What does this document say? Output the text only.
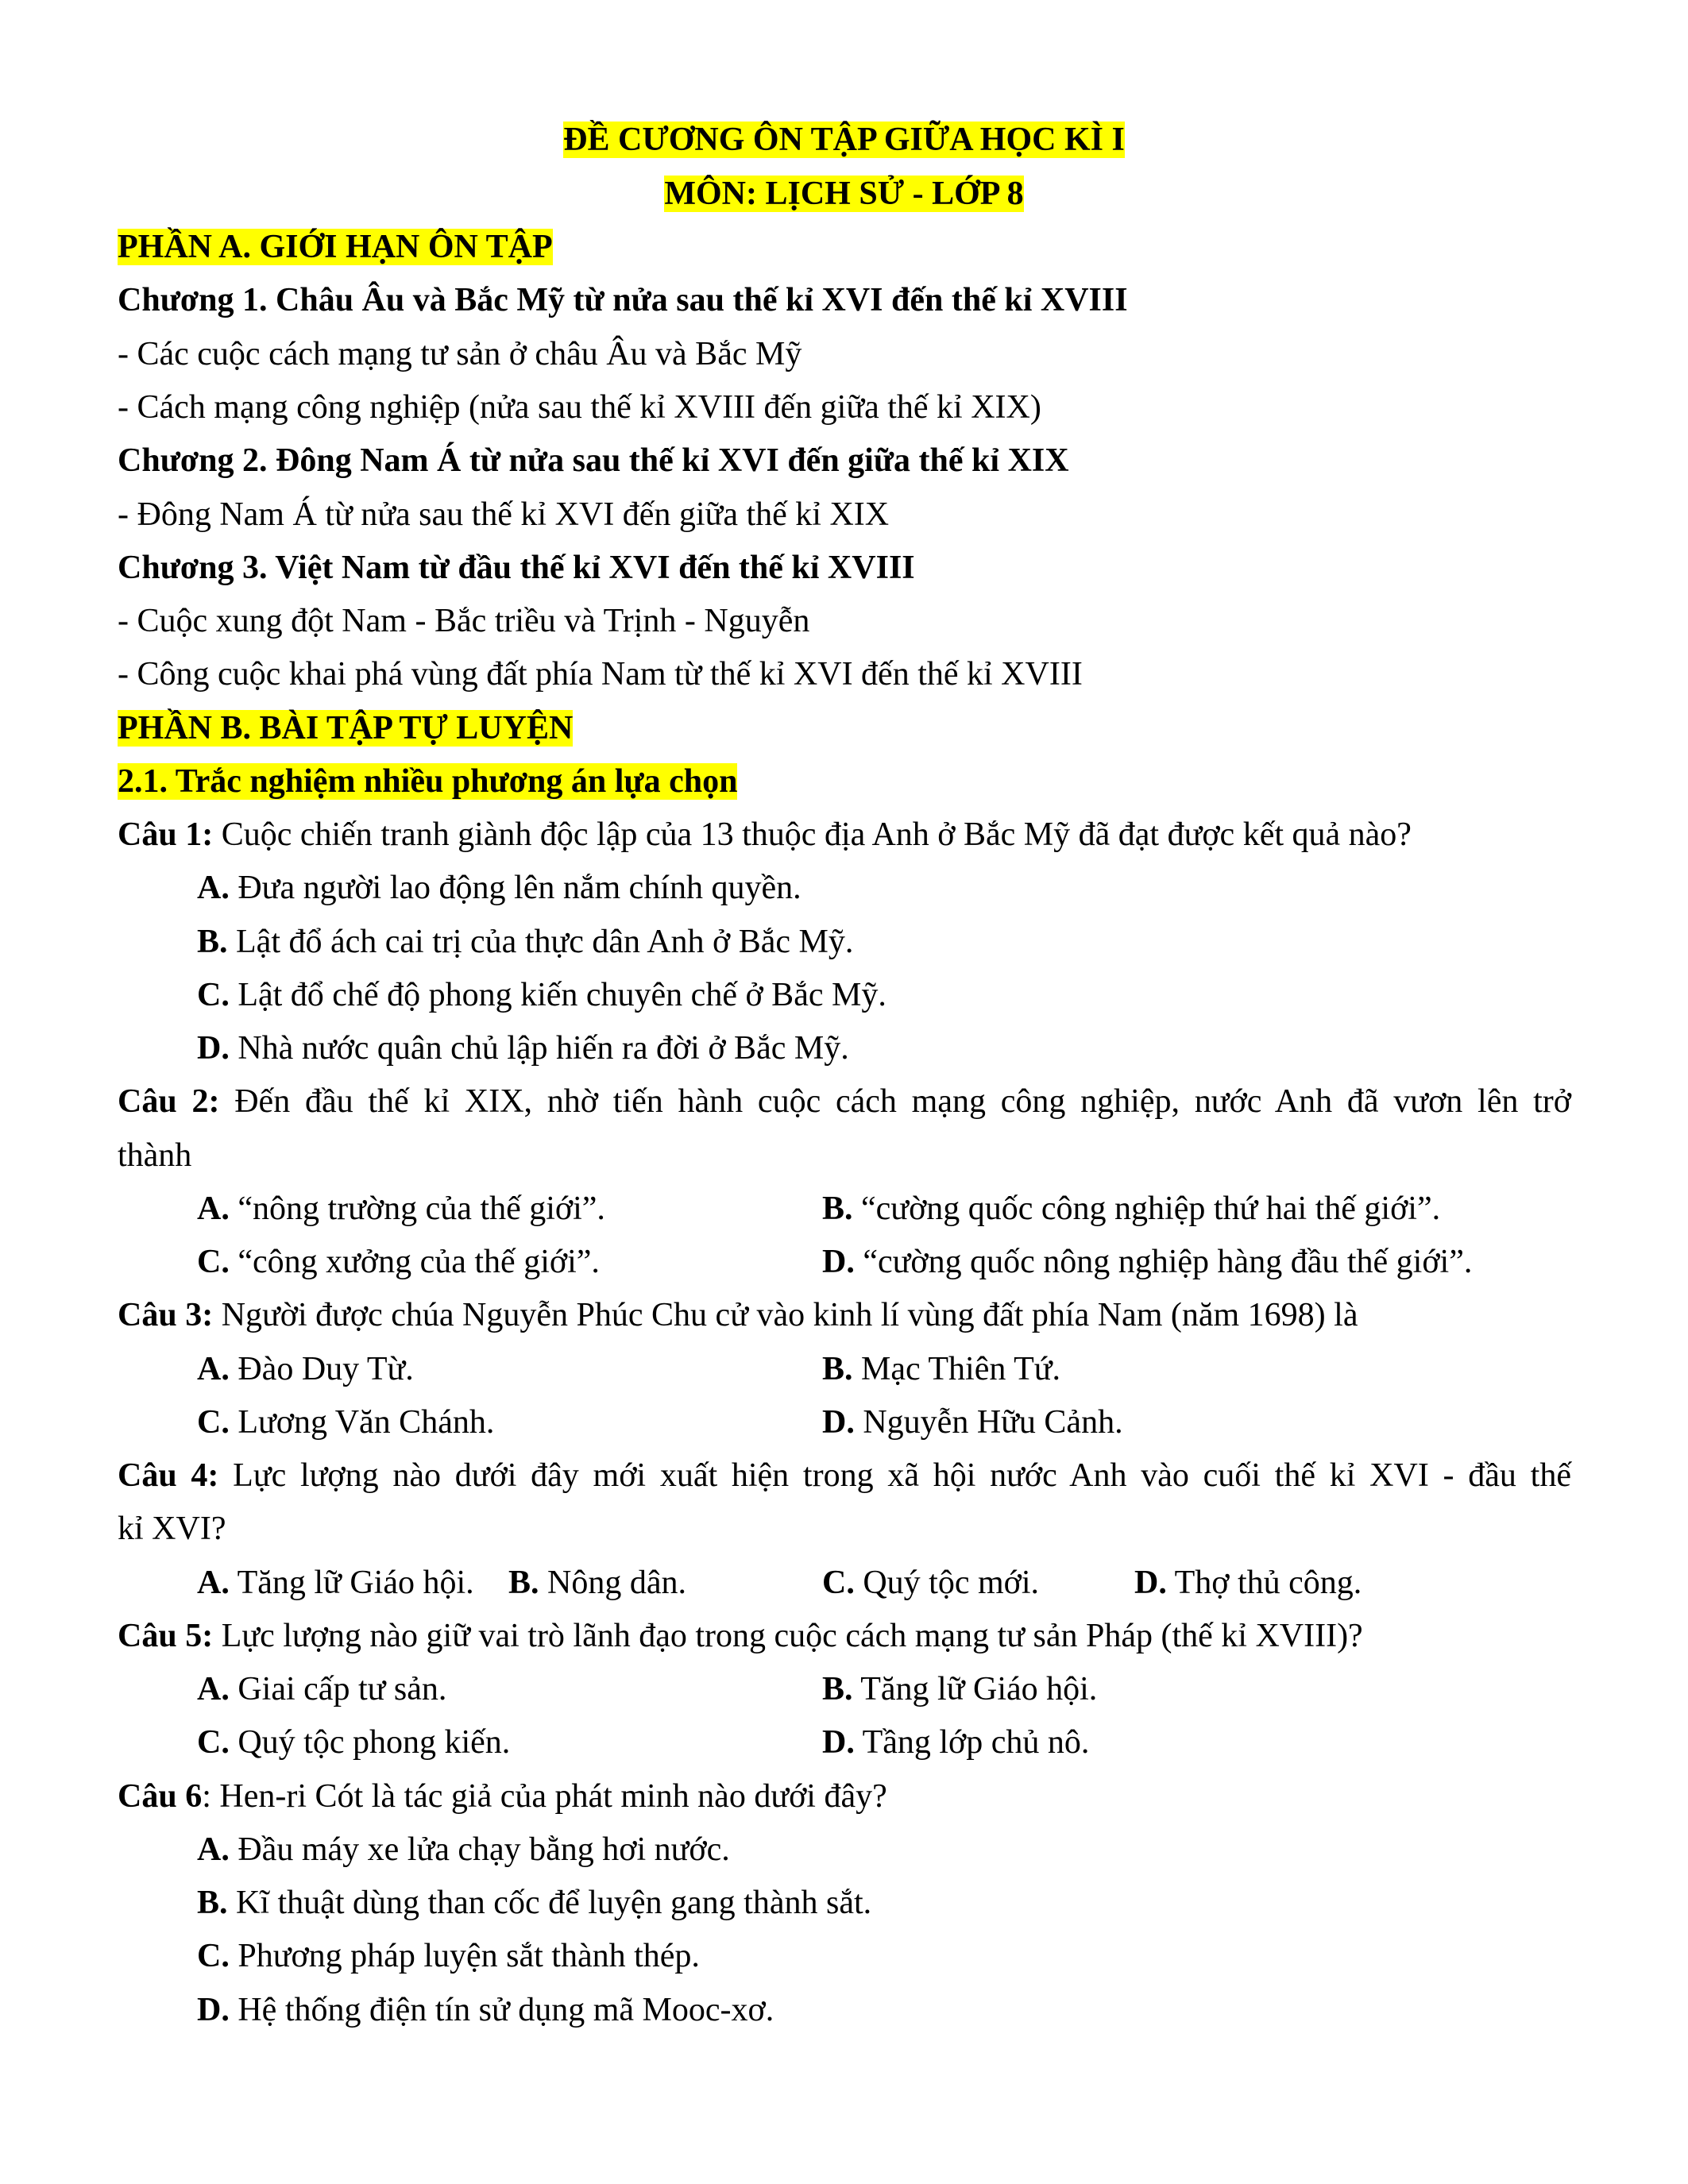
ĐỀ CƯƠNG ÔN TẬP GIỮA HỌC KÌ I
MÔN: LỊCH SỬ - LỚP 8
PHẦN A. GIỚI HẠN ÔN TẬP
Chương 1. Châu Âu và Bắc Mỹ từ nửa sau thế kỉ XVI đến thế kỉ XVIII
- Các cuộc cách mạng tư sản ở châu Âu và Bắc Mỹ
- Cách mạng công nghiệp (nửa sau thế kỉ XVIII đến giữa thế kỉ XIX)
Chương 2. Đông Nam Á từ nửa sau thế kỉ XVI đến giữa thế kỉ XIX
- Đông Nam Á từ nửa sau thế kỉ XVI đến giữa thế kỉ XIX
Chương 3. Việt Nam từ đầu thế kỉ XVI đến thế kỉ XVIII
- Cuộc xung đột Nam - Bắc triều và Trịnh - Nguyễn
- Công cuộc khai phá vùng đất phía Nam từ thế kỉ XVI đến thế kỉ XVIII
PHẦN B. BÀI TẬP TỰ LUYỆN
2.1. Trắc nghiệm nhiều phương án lựa chọn
Câu 1: Cuộc chiến tranh giành độc lập của 13 thuộc địa Anh ở Bắc Mỹ đã đạt được kết quả nào?
A. Đưa người lao động lên nắm chính quyền.
B. Lật đổ ách cai trị của thực dân Anh ở Bắc Mỹ.
C. Lật đổ chế độ phong kiến chuyên chế ở Bắc Mỹ.
D. Nhà nước quân chủ lập hiến ra đời ở Bắc Mỹ.
Câu 2: Đến đầu thế kỉ XIX, nhờ tiến hành cuộc cách mạng công nghiệp, nước Anh đã vươn lên trở
thành
A. “nông trường của thế giới”.	B. “cường quốc công nghiệp thứ hai thế giới”.
C. “công xưởng của thế giới”.	D. “cường quốc nông nghiệp hàng đầu thế giới”.
Câu 3: Người được chúa Nguyễn Phúc Chu cử vào kinh lí vùng đất phía Nam (năm 1698) là
A. Đào Duy Từ.	B. Mạc Thiên Tứ.
C. Lương Văn Chánh.	D. Nguyễn Hữu Cảnh.
Câu 4: Lực lượng nào dưới đây mới xuất hiện trong xã hội nước Anh vào cuối thế kỉ XVI - đầu thế
kỉ XVI?
A. Tăng lữ Giáo hội. B. Nông dân.	C. Quý tộc mới.	D. Thợ thủ công.
Câu 5: Lực lượng nào giữ vai trò lãnh đạo trong cuộc cách mạng tư sản Pháp (thế kỉ XVIII)?
A. Giai cấp tư sản.	B. Tăng lữ Giáo hội.
C. Quý tộc phong kiến.	D. Tầng lớp chủ nô.
Câu 6: Hen-ri Cót là tác giả của phát minh nào dưới đây?
A. Đầu máy xe lửa chạy bằng hơi nước.
B. Kĩ thuật dùng than cốc để luyện gang thành sắt.
C. Phương pháp luyện sắt thành thép.
D. Hệ thống điện tín sử dụng mã Mooc-xơ.
